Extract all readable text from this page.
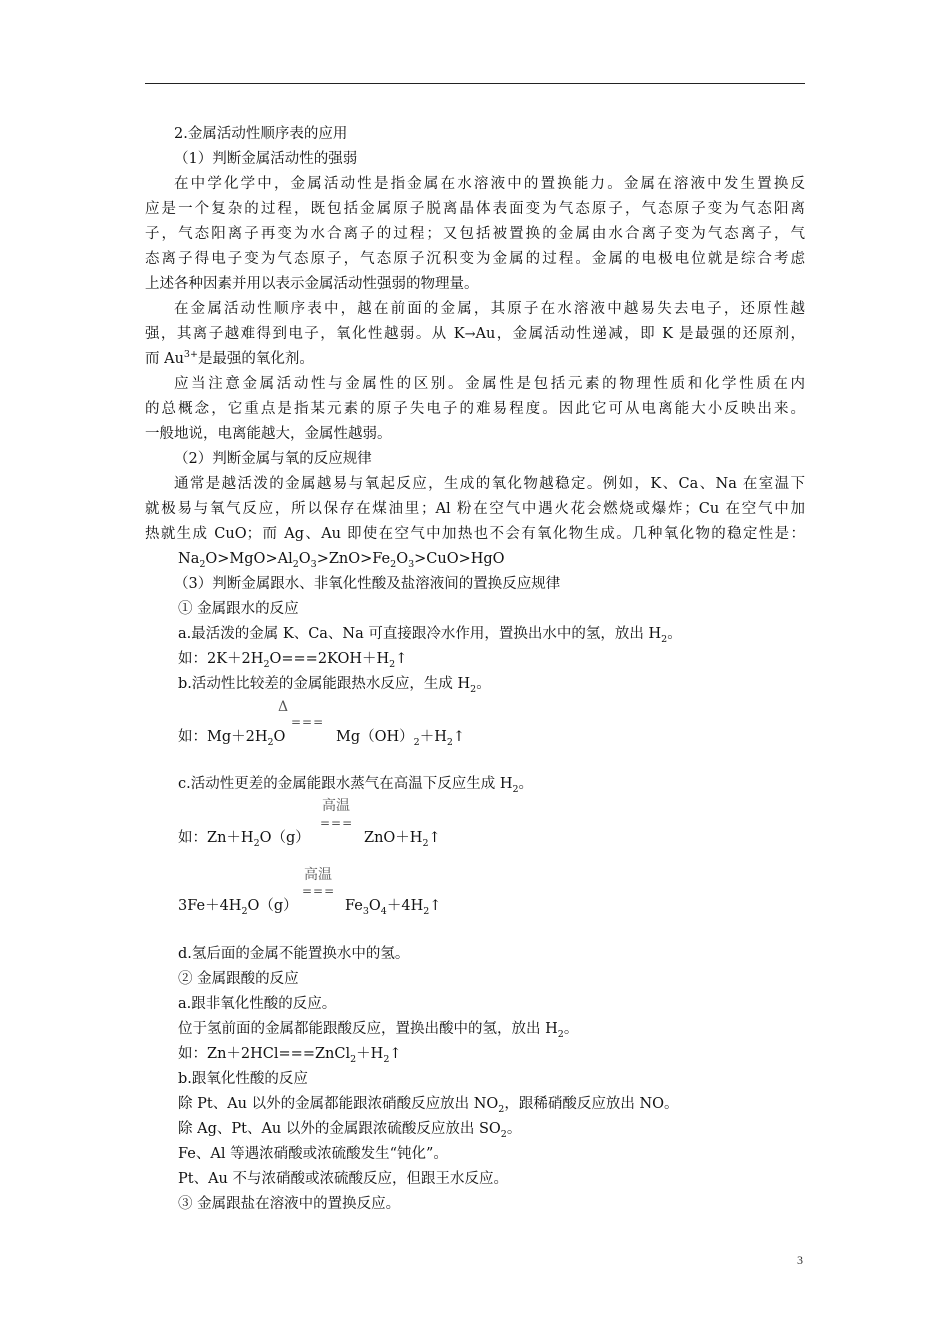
2.金属活动性顺序表的应用
（1）判断金属活动性的强弱
在中学化学中，金属活动性是指金属在水溶液中的置换能力。金属在溶液中发生置换反
应是一个复杂的过程，既包括金属原子脱离晶体表面变为气态原子，气态原子变为气态阳离
子，气态阳离子再变为水合离子的过程；又包括被置换的金属由水合离子变为气态离子，气
态离子得电子变为气态原子，气态原子沉积变为金属的过程。金属的电极电位就是综合考虑
上述各种因素并用以表示金属活动性强弱的物理量。
在金属活动性顺序表中，越在前面的金属，其原子在水溶液中越易失去电子，还原性越
强，其离子越难得到电子，氧化性越弱。从 K→Au，金属活动性递减，即 K 是最强的还原剂，
而 $Au^{3+}$是最强的氧化剂。
应当注意金属活动性与金属性的区别。金属性是包括元素的物理性质和化学性质在内
的总概念，它重点是指某元素的原子失电子的难易程度。因此它可从电离能大小反映出来。
一般地说，电离能越大，金属性越弱。
（2）判断金属与氧的反应规律
通常是越活泼的金属越易与氧起反应，生成的氧化物越稳定。例如，K、Ca、Na 在室温下
就极易与氧气反应，所以保存在煤油里；Al 粉在空气中遇火花会燃烧或爆炸；Cu 在空气中加
热就生成 CuO；而 Ag、Au 即使在空气中加热也不会有氧化物生成。几种氧化物的稳定性是：
$Na_2O>MgO>Al_2O_3>ZnO>Fe_2O_3>CuO>HgO$
（3）判断金属跟水、非氧化性酸及盐溶液间的置换反应规律
① 金属跟水的反应
a.最活泼的金属 K、Ca、Na 可直接跟冷水作用，置换出水中的氢，放出 $H_2$。
如：$2K+2H_2O===2KOH+H_2↑$
b.活动性比较差的金属能跟热水反应，生成 $H_2$。
Δ
===
如：$Mg+2H_2O$	$Mg(OH)_2+H_2↑$
c.活动性更差的金属能跟水蒸气在高温下反应生成 $H_2$。
高温
===
如：$Zn+H_2O(g)$	$ZnO+H_2↑$
高温
===
$3Fe+4H_2O(g)$	$Fe_3O_4+4H_2↑$
d.氢后面的金属不能置换水中的氢。
② 金属跟酸的反应
a.跟非氧化性酸的反应。
位于氢前面的金属都能跟酸反应，置换出酸中的氢，放出 $H_2$。
如：$Zn+2HCl===ZnCl_2+H_2↑$
b.跟氧化性酸的反应
除 Pt、Au 以外的金属都能跟浓硝酸反应放出 $NO_2$，跟稀硝酸反应放出 NO。
除 Ag、Pt、Au 以外的金属跟浓硫酸反应放出 $SO_2$。
Fe、Al 等遇浓硝酸或浓硫酸发生“钝化”。
Pt、Au 不与浓硝酸或浓硫酸反应，但跟王水反应。
③ 金属跟盐在溶液中的置换反应。
3
